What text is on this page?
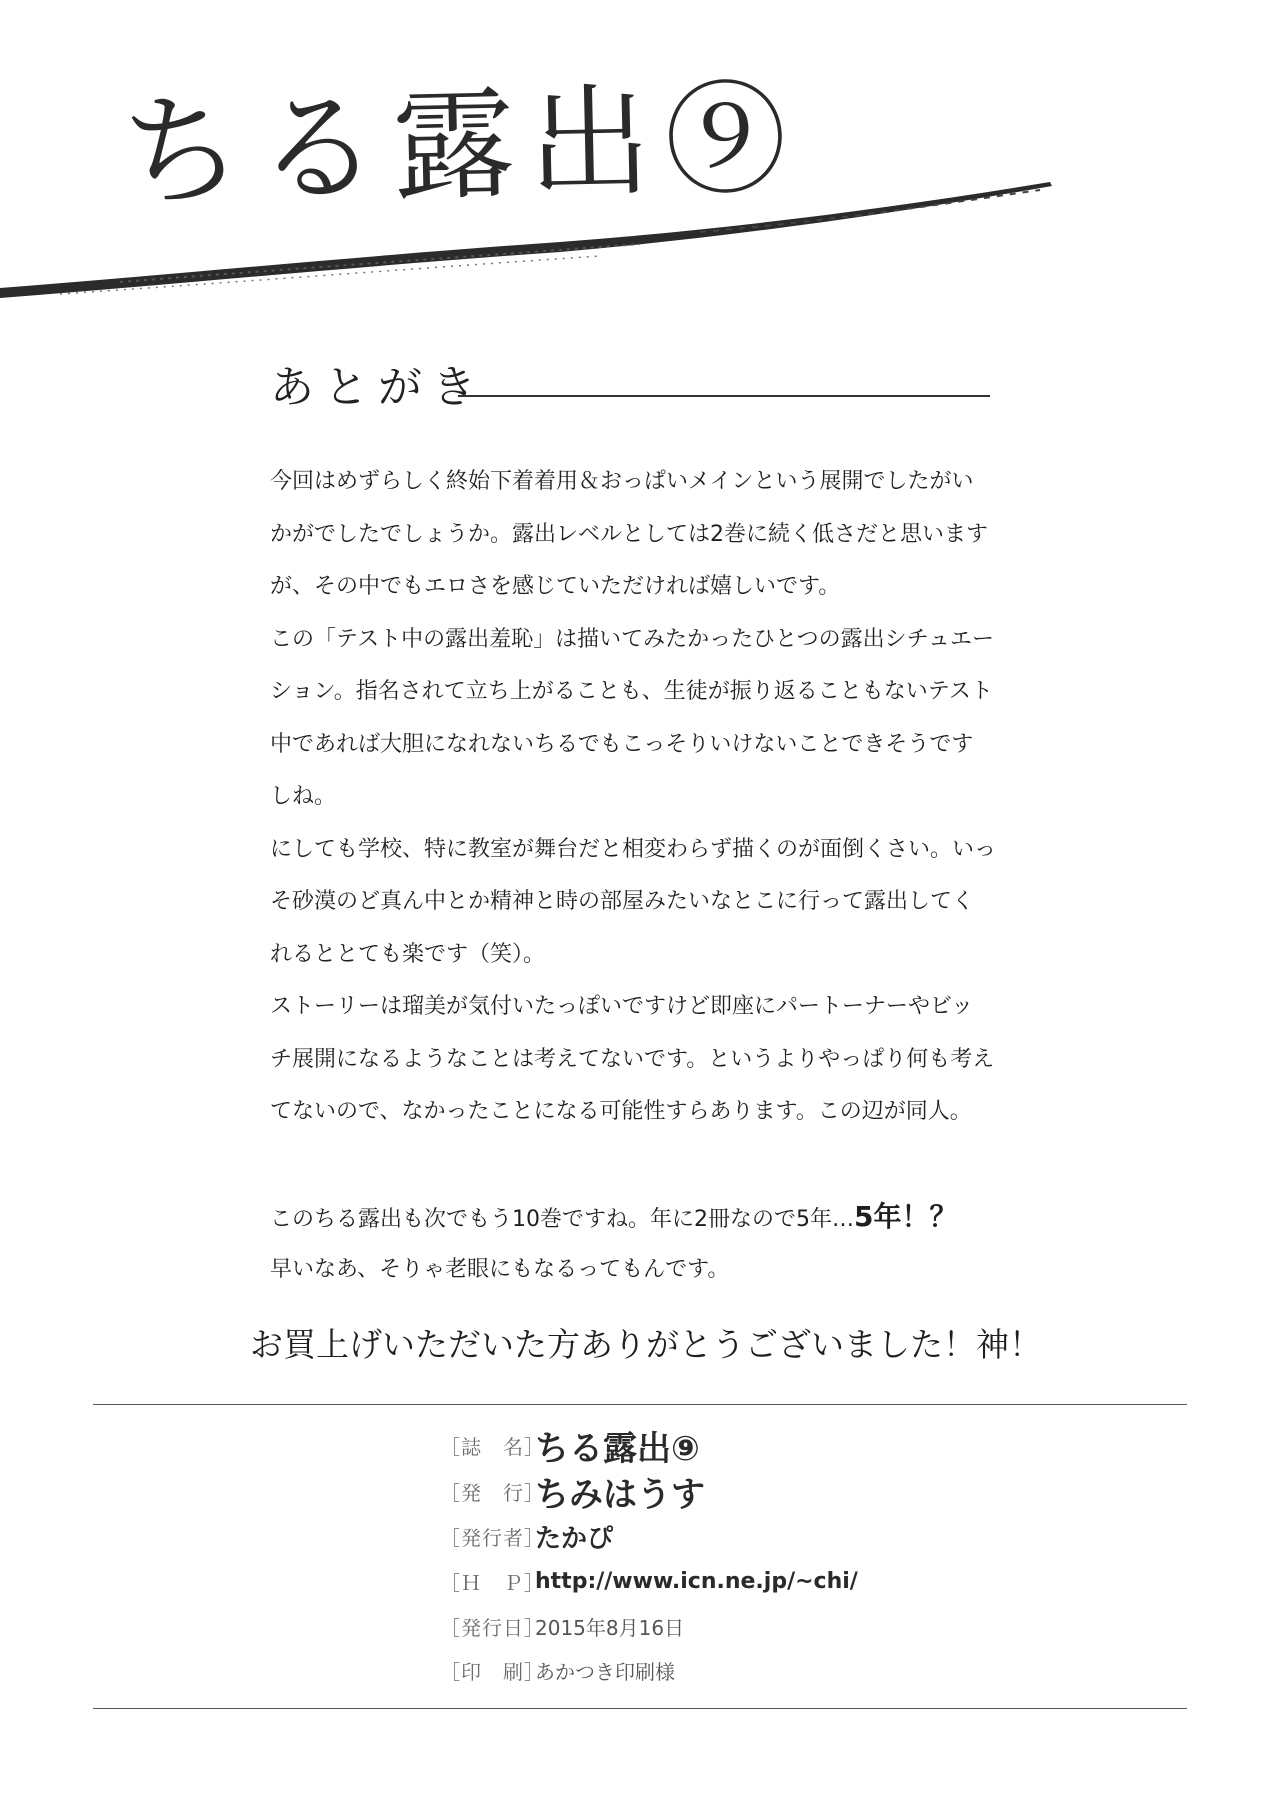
ちる露出⑨
あとがき
今回はめずらしく終始下着着用＆おっぱいメインという展開でしたがい
かがでしたでしょうか。露出レベルとしては2巻に続く低さだと思います
が、その中でもエロさを感じていただければ嬉しいです。
この「テスト中の露出羞恥」は描いてみたかったひとつの露出シチュエー
ション。指名されて立ち上がることも、生徒が振り返ることもないテスト
中であれば大胆になれないちるでもこっそりいけないことできそうです
しね。
にしても学校、特に教室が舞台だと相変わらず描くのが面倒くさい。いっ
そ砂漠のど真ん中とか精神と時の部屋みたいなとこに行って露出してく
れるととても楽です（笑）。
ストーリーは瑠美が気付いたっぽいですけど即座にパートーナーやビッ
チ展開になるようなことは考えてないです。というよりやっぱり何も考え
てないので、なかったことになる可能性すらあります。この辺が同人。
このちる露出も次でもう10巻ですね。年に2冊なので5年…5年！？
早いなあ、そりゃ老眼にもなるってもんです。
お買上げいただいた方ありがとうございました！神！
［誌　名］
ちる露出⑨
［発　行］
ちみはうす
［発行者］
たかぴ
［Ｈ　Ｐ］
http://www.icn.ne.jp/~chi/
［発行日］
2015年8月16日
［印　刷］
あかつき印刷様
